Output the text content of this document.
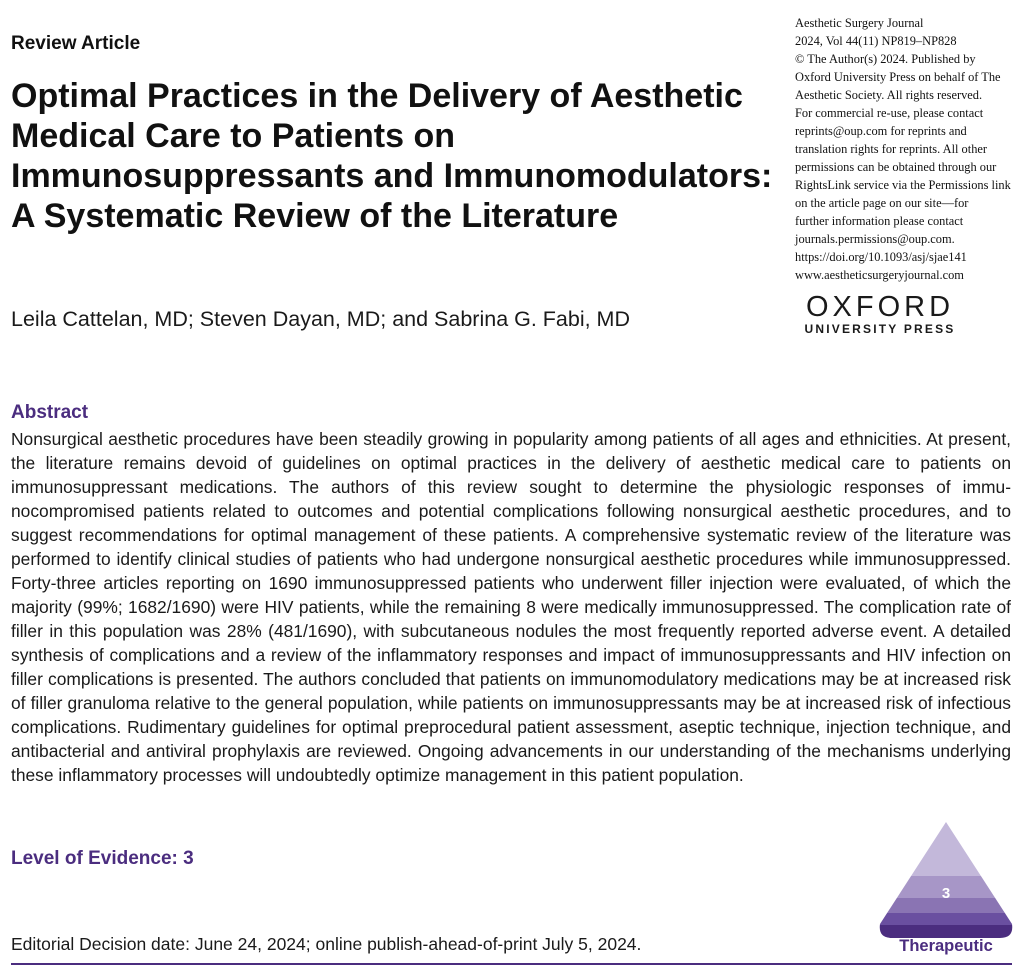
Review Article
Optimal Practices in the Delivery of Aesthetic
Medical Care to Patients on
Immunosuppressants and Immunomodulators:
A Systematic Review of the Literature
Aesthetic Surgery Journal
2024, Vol 44(11) NP819–NP828
© The Author(s) 2024. Published by
Oxford University Press on behalf of The
Aesthetic Society. All rights reserved.
For commercial re-use, please contact
reprints@oup.com for reprints and
translation rights for reprints. All other
permissions can be obtained through our
RightsLink service via the Permissions link
on the article page on our site—for
further information please contact
journals.permissions@oup.com.
https://doi.org/10.1093/asj/sjae141
www.aestheticsurgeryjournal.com
OXFORD
UNIVERSITY PRESS
Leila Cattelan, MD; Steven Dayan, MD; and Sabrina G. Fabi, MD
Abstract

Nonsurgical aesthetic procedures have been steadily growing in popularity among patients of all ages and ethnicities. At present, the literature remains devoid of guidelines on optimal practices in the delivery of aesthetic medical care to patients on immunosuppressant medications. The authors of this review sought to determine the physiologic responses of immunocompromised patients related to outcomes and potential complications following nonsurgical aesthetic procedures, and to suggest recommendations for optimal management of these patients. A comprehensive systematic review of the literature was performed to identify clinical studies of patients who had undergone nonsurgical aesthetic procedures while immunosuppressed. Forty-three articles reporting on 1690 immunosuppressed patients who underwent filler injection were evaluated, of which the majority (99%; 1682/1690) were HIV patients, while the remaining 8 were medically immunosuppressed. The complication rate of filler in this population was 28% (481/1690), with subcutaneous nodules the most frequently reported adverse event. A detailed synthesis of complications and a review of the inflammatory responses and impact of immunosuppressants and HIV infection on filler complications is presented. The authors concluded that patients on immunomodulatory medications may be at increased risk of filler granuloma relative to the general population, while patients on immunosuppressants may be at increased risk of infectious complications. Rudimentary guidelines for optimal preprocedural patient assessment, aseptic technique, injection technique, and antibacterial and antiviral prophylaxis are reviewed. Ongoing advancements in our understanding of the mechanisms underlying these inflammatory processes will undoubtedly optimize management in this patient population.

Level of Evidence: 3
3
Therapeutic
Editorial Decision date: June 24, 2024; online publish-ahead-of-print July 5, 2024.
